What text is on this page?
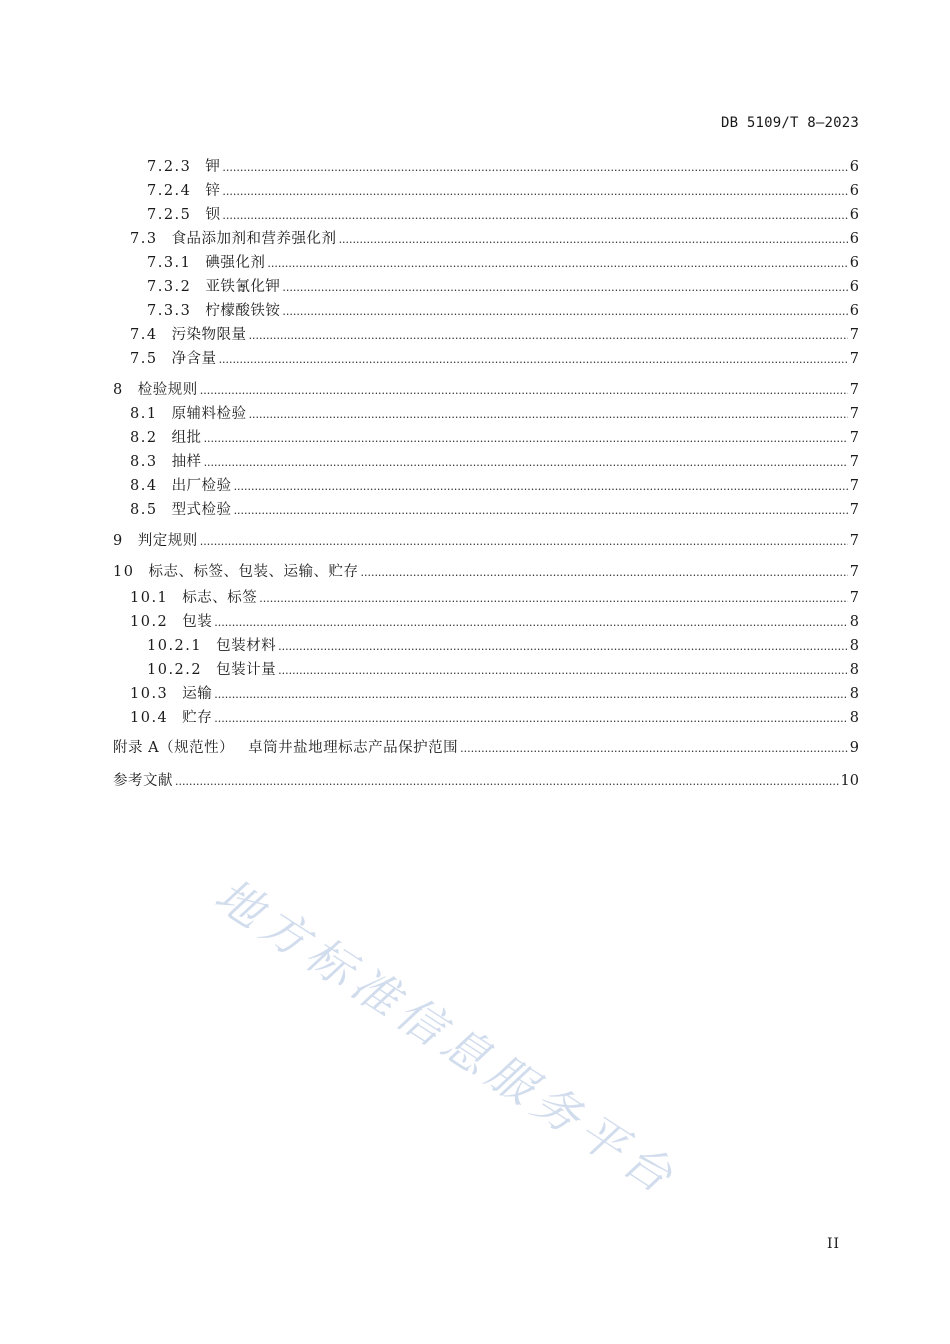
DB 5109/T 8—2023
7.2.3 钾 .....	6
7.2.4 锌 .....	6
7.2.5 钡 .....	6
7.3 食品添加剂和营养强化剂 .....	6
7.3.1 碘强化剂 .....	6
7.3.2 亚铁氰化钾 .....	6
7.3.3 柠檬酸铁铵 .....	6
7.4 污染物限量 .....	7
7.5 净含量 .....	7
8 检验规则 .....	7
8.1 原辅料检验 .....	7
8.2 组批 .....	7
8.3 抽样 .....	7
8.4 出厂检验 .....	7
8.5 型式检验 .....	7
9 判定规则 .....	7
10 标志、标签、包装、运输、贮存 .....	7
10.1 标志、标签 .....	7
10.2 包装 .....	8
10.2.1 包装材料 .....	8
10.2.2 包装计量 .....	8
10.3 运输 .....	8
10.4 贮存 .....	8
附录 A（规范性） 卓筒井盐地理标志产品保护范围 .....	9
参考文献 .....	10
地方标准信息服务平台
II
